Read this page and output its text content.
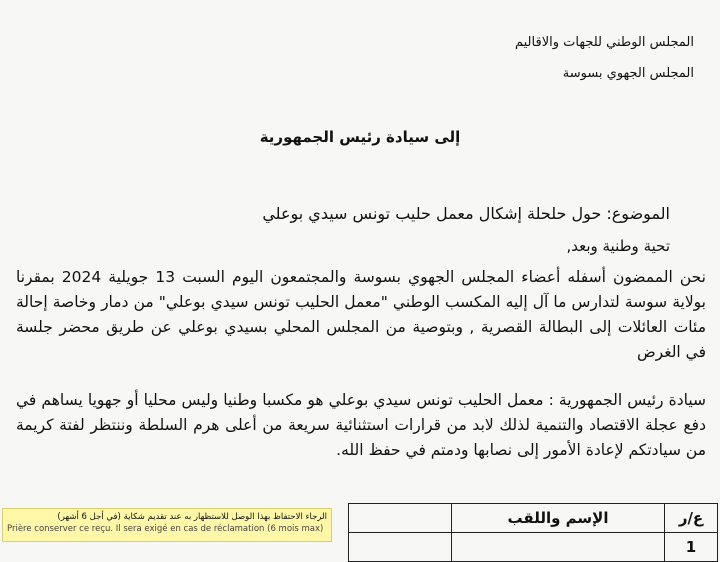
المجلس الوطني للجهات والاقاليم
المجلس الجهوي بسوسة
إلى سيادة رئيس الجمهورية
الموضوع: حول حلحلة إشكال معمل حليب تونس سيدي بوعلي
تحية وطنية وبعد,
نحن الممضون أسفله أعضاء المجلس الجهوي بسوسة والمجتمعون اليوم السبت 13 جويلية 2024 بمقرنا بولاية سوسة لتدارس ما آل إليه المكسب الوطني "معمل الحليب تونس سيدي بوعلي" من دمار وخاصة إحالة مئات العائلات إلى البطالة القصرية , وبتوصية من المجلس المحلي بسيدي بوعلي عن طريق محضر جلسة في الغرض
سيادة رئيس الجمهورية : معمل الحليب تونس سيدي بوعلي هو مكسبا وطنيا وليس محليا أو جهويا يساهم في دفع عجلة الاقتصاد والتنمية لذلك لابد من قرارات استثنائية سريعة من أعلى هرم السلطة وننتظر لفتة كريمة من سيادتكم لإعادة الأمور إلى نصابها ودمتم في حفظ الله.
الرجاء الاحتفاظ بهذا الوصل للاستظهار به عند تقديم شكاية (في أجل 6 أشهر)
Prière conserver ce reçu. Il sera exigé en cas de réclamation (6 mois max)
ع/ر	الإسم واللقب	
1		
